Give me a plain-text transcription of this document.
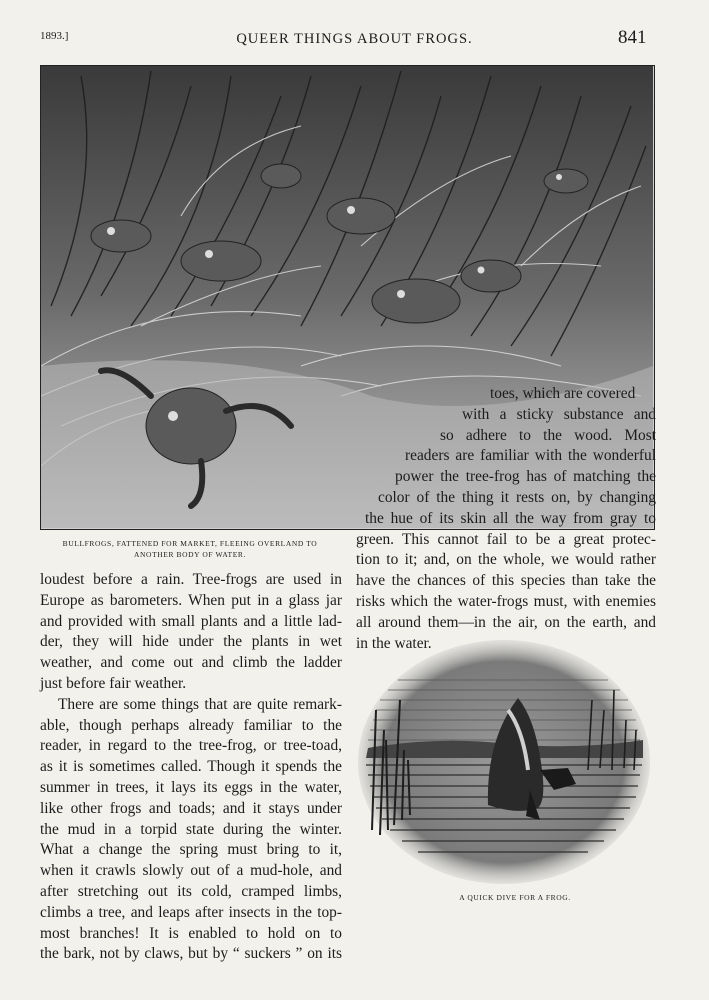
1893.]	QUEER THINGS ABOUT FROGS.	841
BULLFROGS, FATTENED FOR MARKET, FLEEING OVERLAND TO
ANOTHER BODY OF WATER.
toes, which are covered
with a sticky substance and
so adhere to the wood. Most
readers are familiar with the wonderful
power the tree-frog has of matching the
color of the thing it rests on, by changing
the hue of its skin all the way from gray to
green. This cannot fail to be a great protec-
tion to it; and, on the whole, we would rather
have the chances of this species than take the
risks which the water-frogs must, with enemies
all around them—in the air, on the earth, and
in the water.
loudest before a rain. Tree-frogs are used in
Europe as barometers. When put in a glass jar
and provided with small plants and a little lad-
der, they will hide under the plants in wet
weather, and come out and climb the ladder
just before fair weather.
There are some things that are quite remark-
able, though perhaps already familiar to the
reader, in regard to the tree-frog, or tree-toad,
as it is sometimes called. Though it spends the
summer in trees, it lays its eggs in the water,
like other frogs and toads; and it stays under
the mud in a torpid state during the winter.
What a change the spring must bring to it,
when it crawls slowly out of a mud-hole, and
after stretching out its cold, cramped limbs,
climbs a tree, and leaps after insects in the top-
most branches! It is enabled to hold on to
the bark, not by claws, but by “ suckers ” on its
A QUICK DIVE FOR A FROG.
